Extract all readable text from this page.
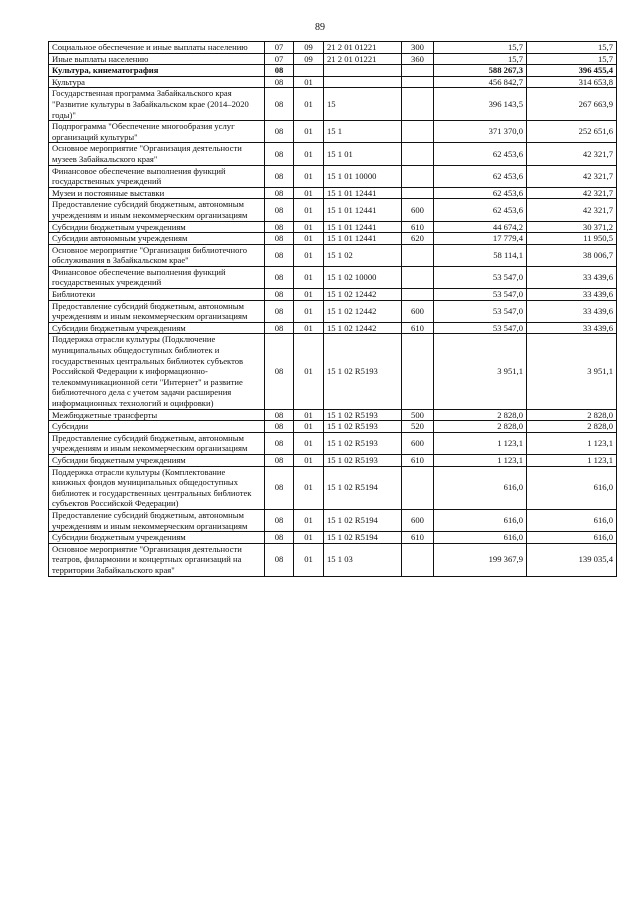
89
Социальное обеспечение и иные выплаты населению	07	09	21 2 01 01221	300	15,7	15,7
Иные выплаты населению	07	09	21 2 01 01221	360	15,7	15,7
Культура, кинематография	08				588 267,3	396 455,4
Культура	08	01			456 842,7	314 653,8
Государственная программа Забайкальского края "Развитие культуры в Забайкальском крае (2014–2020 годы)"	08	01	15		396 143,5	267 663,9
Подпрограмма "Обеспечение многообразия услуг организаций культуры"	08	01	15 1		371 370,0	252 651,6
Основное мероприятие "Организация деятельности музеев Забайкальского края"	08	01	15 1 01		62 453,6	42 321,7
Финансовое обеспечение выполнения функций государственных учреждений	08	01	15 1 01 10000		62 453,6	42 321,7
Музеи и постоянные выставки	08	01	15 1 01 12441		62 453,6	42 321,7
Предоставление субсидий бюджетным, автономным учреждениям и иным некоммерческим организациям	08	01	15 1 01 12441	600	62 453,6	42 321,7
Субсидии бюджетным учреждениям	08	01	15 1 01 12441	610	44 674,2	30 371,2
Субсидии автономным учреждениям	08	01	15 1 01 12441	620	17 779,4	11 950,5
Основное мероприятие "Организация библиотечного обслуживания в Забайкальском крае"	08	01	15 1 02		58 114,1	38 006,7
Финансовое обеспечение выполнения функций государственных учреждений	08	01	15 1 02 10000		53 547,0	33 439,6
Библиотеки	08	01	15 1 02 12442		53 547,0	33 439,6
Предоставление субсидий бюджетным, автономным учреждениям и иным некоммерческим организациям	08	01	15 1 02 12442	600	53 547,0	33 439,6
Субсидии бюджетным учреждениям	08	01	15 1 02 12442	610	53 547,0	33 439,6
Поддержка отрасли культуры (Подключение муниципальных общедоступных библиотек и государственных центральных библиотек субъектов Российской Федерации к информационно-телекоммуникационной сети "Интернет" и развитие библиотечного дела с учетом задачи расширения информационных технологий и оцифровки)	08	01	15 1 02 R5193		3 951,1	3 951,1
Межбюджетные трансферты	08	01	15 1 02 R5193	500	2 828,0	2 828,0
Субсидии	08	01	15 1 02 R5193	520	2 828,0	2 828,0
Предоставление субсидий бюджетным, автономным учреждениям и иным некоммерческим организациям	08	01	15 1 02 R5193	600	1 123,1	1 123,1
Субсидии бюджетным учреждениям	08	01	15 1 02 R5193	610	1 123,1	1 123,1
Поддержка отрасли культуры (Комплектование книжных фондов муниципальных общедоступных библиотек и государственных центральных библиотек субъектов Российской Федерации)	08	01	15 1 02 R5194		616,0	616,0
Предоставление субсидий бюджетным, автономным учреждениям и иным некоммерческим организациям	08	01	15 1 02 R5194	600	616,0	616,0
Субсидии бюджетным учреждениям	08	01	15 1 02 R5194	610	616,0	616,0
Основное мероприятие "Организация деятельности театров, филармонии и концертных организаций на территории Забайкальского края"	08	01	15 1 03		199 367,9	139 035,4
